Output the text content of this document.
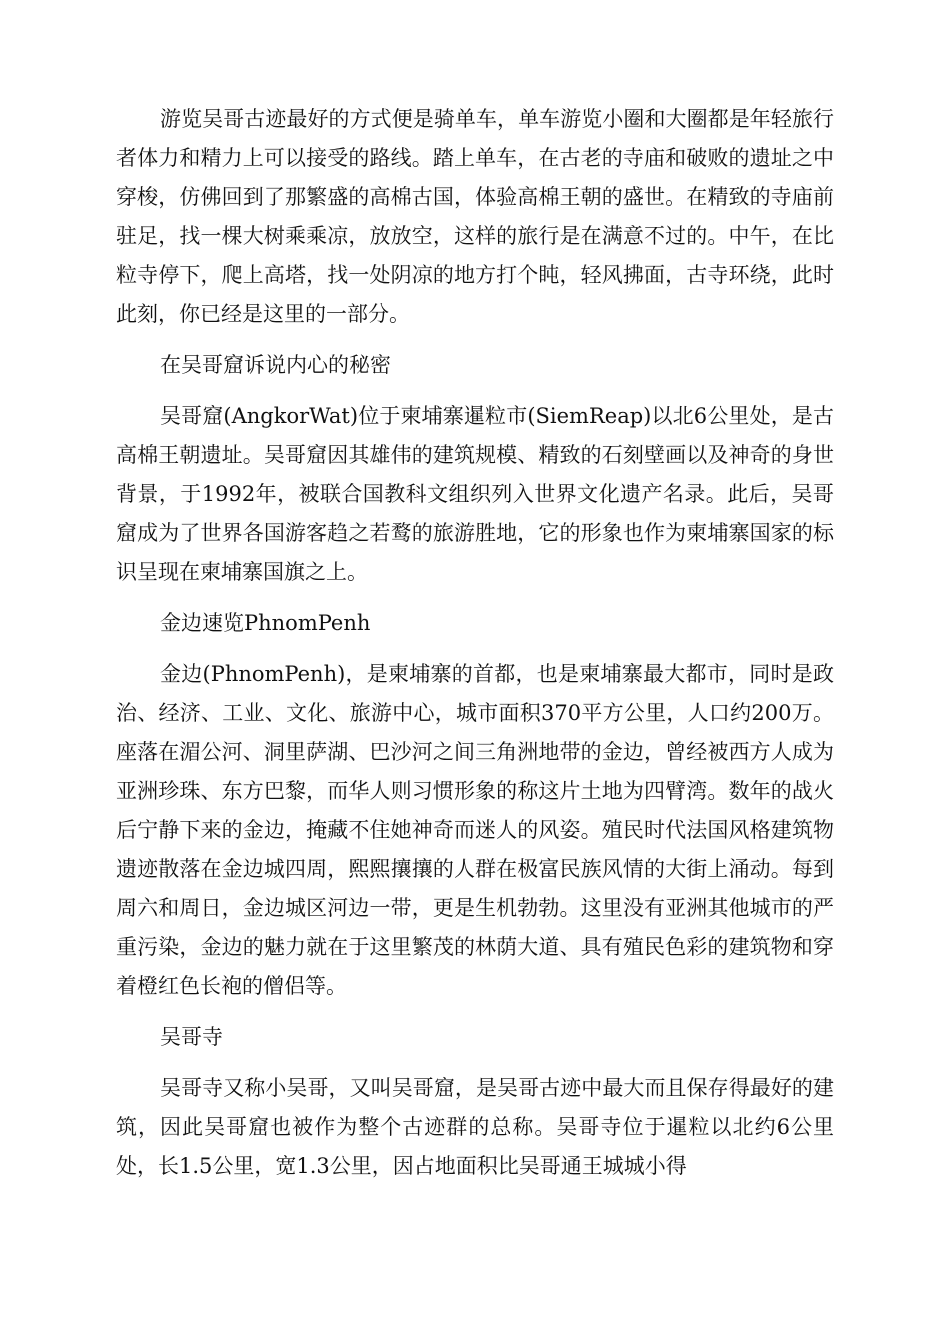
游览吴哥古迹最好的方式便是骑单车，单车游览小圈和大圈都是年轻旅行者体力和精力上可以接受的路线。踏上单车，在古老的寺庙和破败的遗址之中穿梭，仿佛回到了那繁盛的高棉古国，体验高棉王朝的盛世。在精致的寺庙前驻足，找一棵大树乘乘凉，放放空，这样的旅行是在满意不过的。中午，在比粒寺停下，爬上高塔，找一处阴凉的地方打个盹，轻风拂面，古寺环绕，此时此刻，你已经是这里的一部分。

在吴哥窟诉说内心的秘密

吴哥窟(AngkorWat)位于柬埔寨暹粒市(SiemReap)以北6公里处，是古高棉王朝遗址。吴哥窟因其雄伟的建筑规模、精致的石刻壁画以及神奇的身世背景，于1992年，被联合国教科文组织列入世界文化遗产名录。此后，吴哥窟成为了世界各国游客趋之若鹜的旅游胜地，它的形象也作为柬埔寨国家的标识呈现在柬埔寨国旗之上。

金边速览PhnomPenh

金边(PhnomPenh)，是柬埔寨的首都，也是柬埔寨最大都市，同时是政治、经济、工业、文化、旅游中心，城市面积370平方公里，人口约200万。座落在湄公河、洞里萨湖、巴沙河之间三角洲地带的金边，曾经被西方人成为亚洲珍珠、东方巴黎，而华人则习惯形象的称这片土地为四臂湾。数年的战火后宁静下来的金边，掩藏不住她神奇而迷人的风姿。殖民时代法国风格建筑物遗迹散落在金边城四周，熙熙攘攘的人群在极富民族风情的大街上涌动。每到周六和周日，金边城区河边一带，更是生机勃勃。这里没有亚洲其他城市的严重污染，金边的魅力就在于这里繁茂的林荫大道、具有殖民色彩的建筑物和穿着橙红色长袍的僧侣等。

吴哥寺

吴哥寺又称小吴哥，又叫吴哥窟，是吴哥古迹中最大而且保存得最好的建筑，因此吴哥窟也被作为整个古迹群的总称。吴哥寺位于暹粒以北约6公里处，长1.5公里，宽1.3公里，因占地面积比吴哥通王城城小得
